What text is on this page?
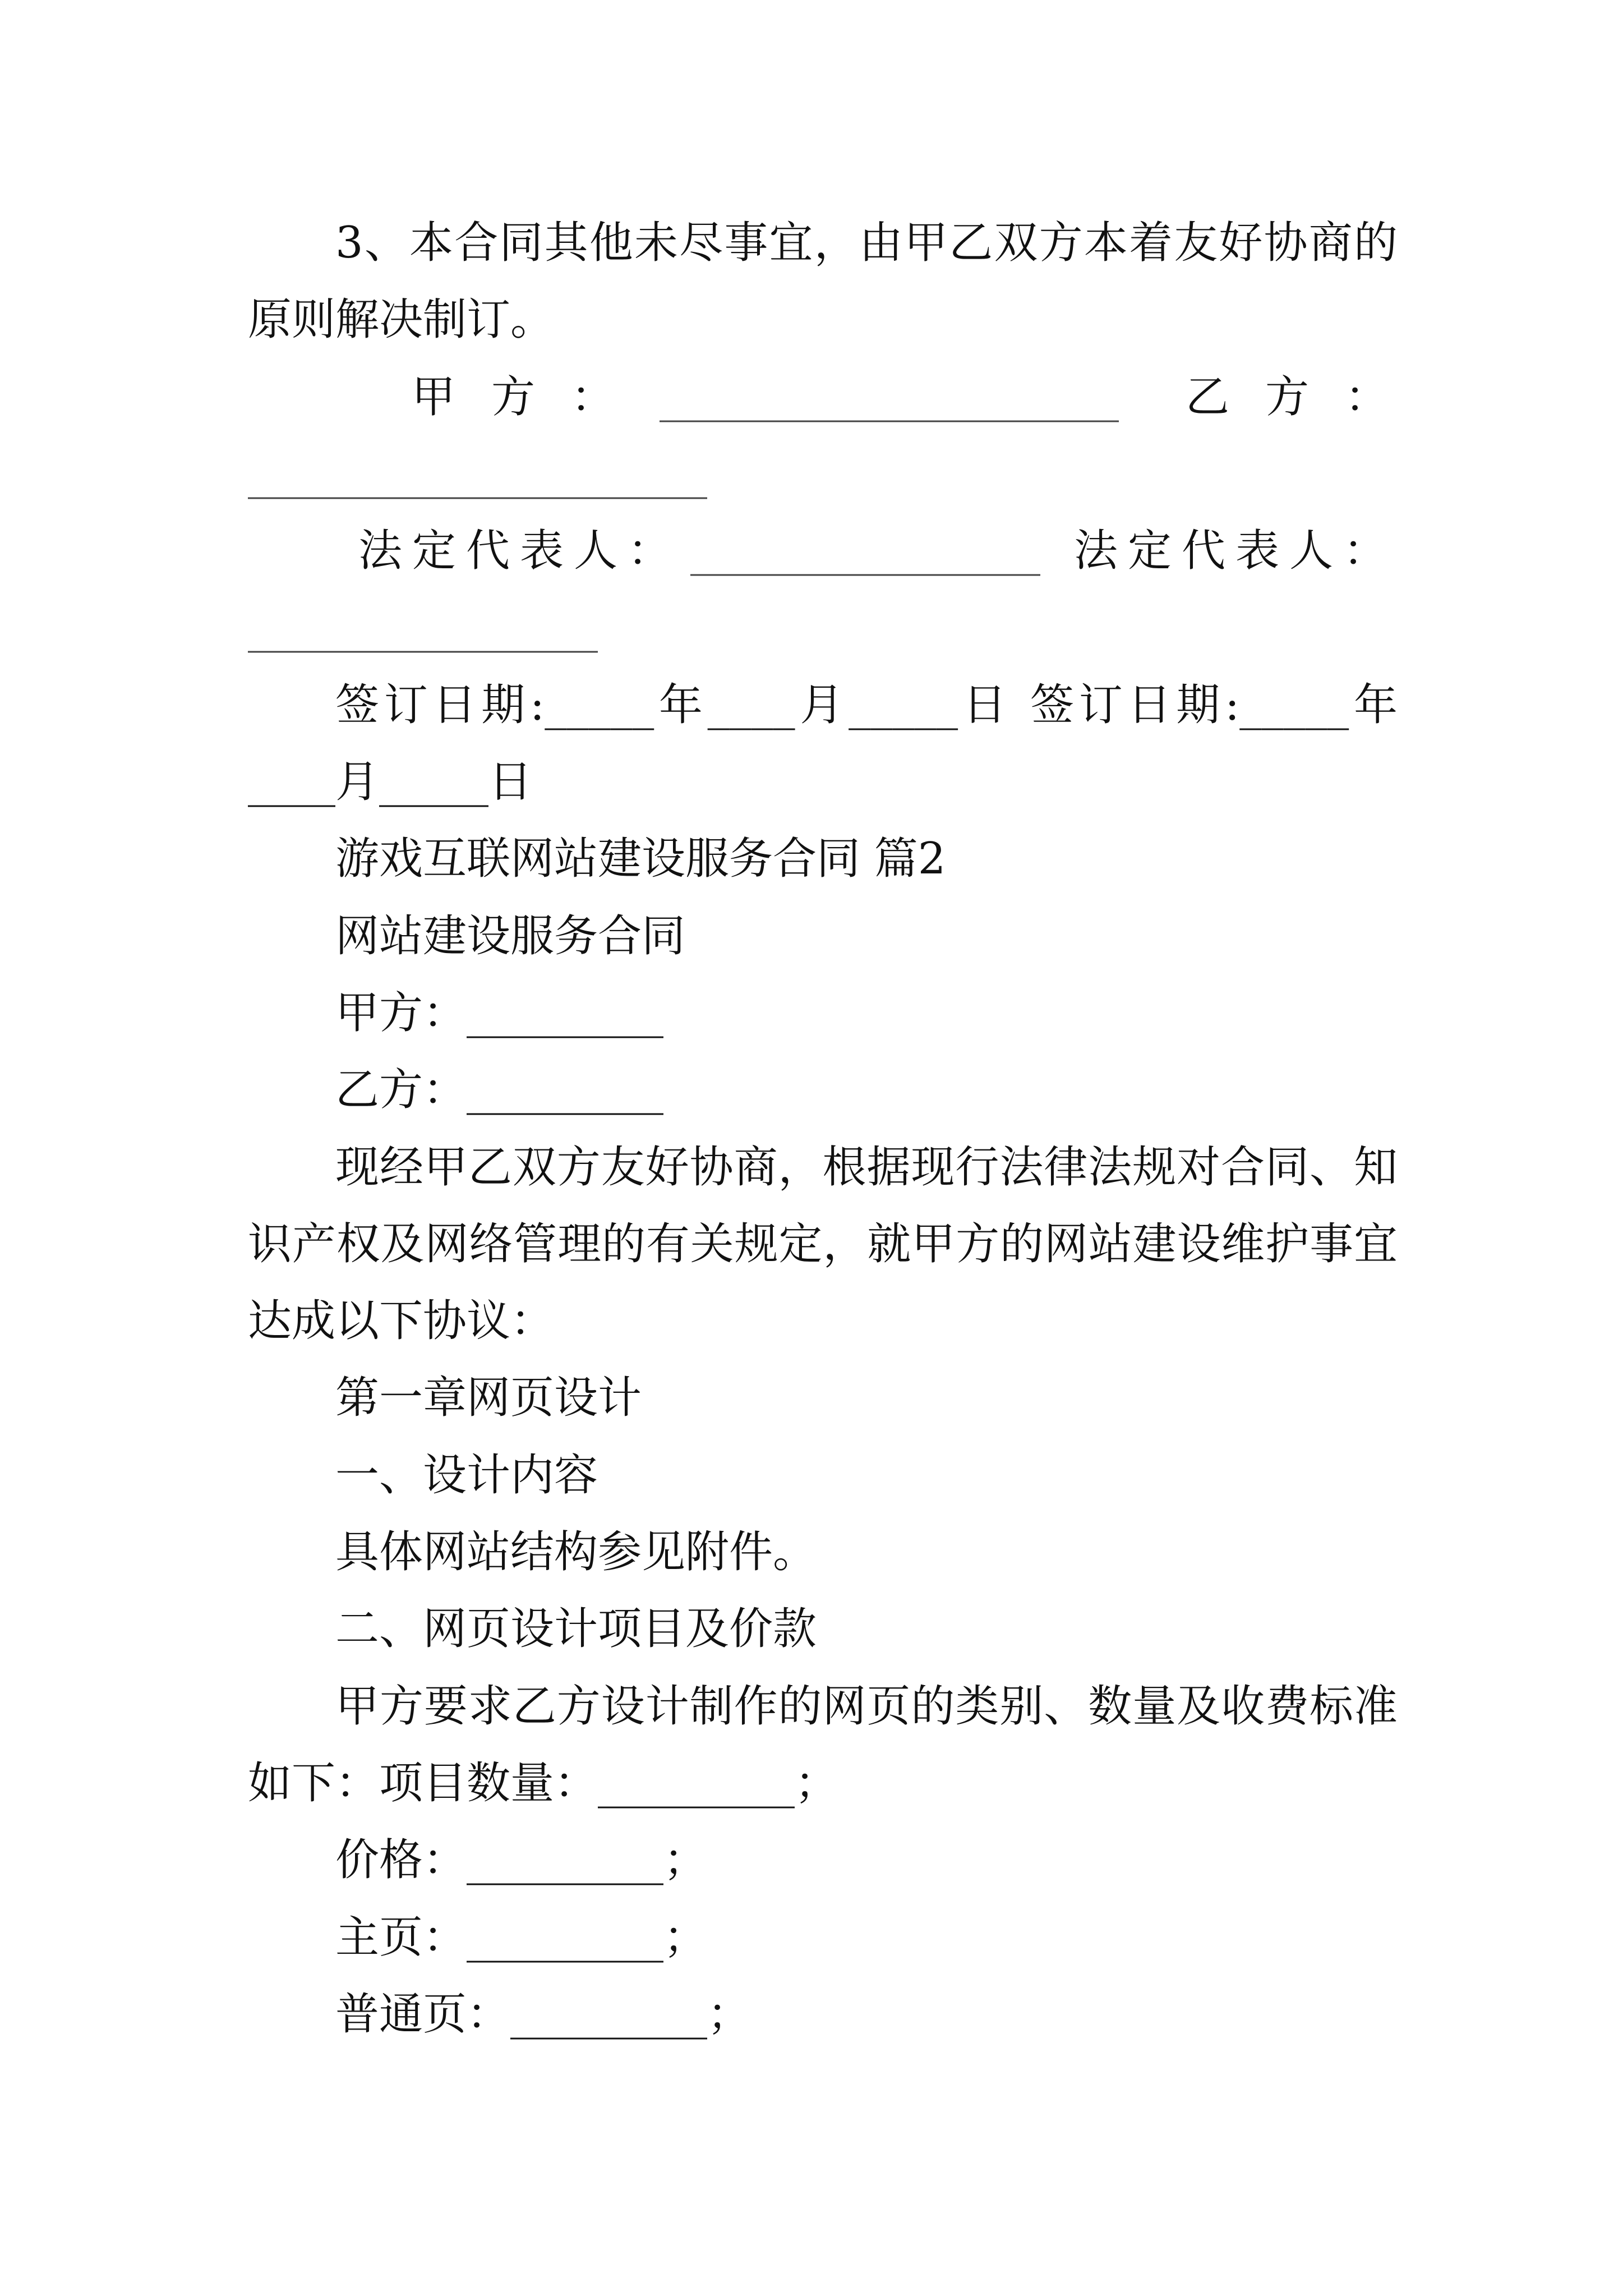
3、本合同其他未尽事宜，由甲乙双方本着友好协商的
原则解决制订。
甲方： _____________________ 乙方：
_____________________
法定代表人： ________________ 法定代表人：
________________
签订日期:_____年____月_____日 签订日期:_____年
____月_____日
游戏互联网站建设服务合同 篇2
网站建设服务合同
甲方：_________
乙方：_________
现经甲乙双方友好协商，根据现行法律法规对合同、知
识产权及网络管理的有关规定，就甲方的网站建设维护事宜
达成以下协议：
第一章网页设计
一、设计内容
具体网站结构参见附件。
二、网页设计项目及价款
甲方要求乙方设计制作的网页的类别、数量及收费标准
如下：项目数量：_________；
价格：_________；
主页：_________；
普通页：_________；
